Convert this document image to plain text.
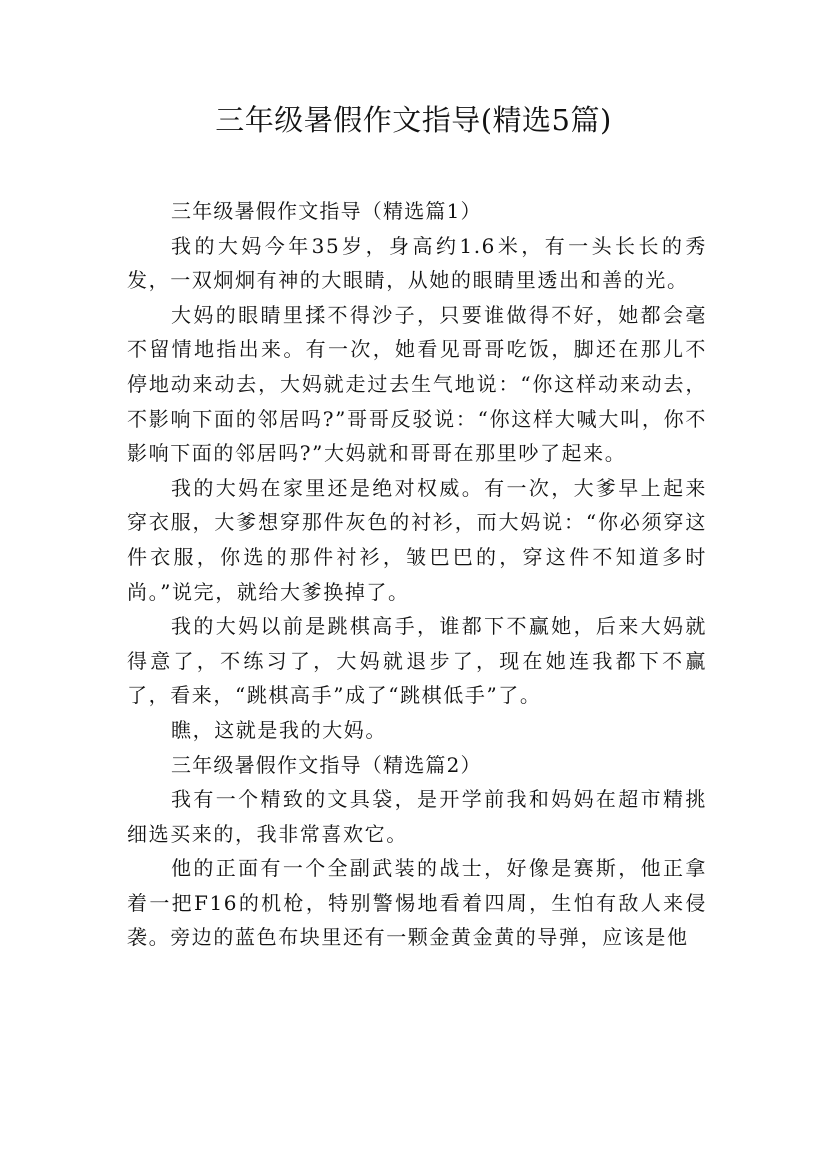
三年级暑假作文指导(精选5篇)

三年级暑假作文指导（精选篇1）

我的大妈今年35岁，身高约1.6米，有一头长长的秀发，一双炯炯有神的大眼睛，从她的眼睛里透出和善的光。

大妈的眼睛里揉不得沙子，只要谁做得不好，她都会毫不留情地指出来。有一次，她看见哥哥吃饭，脚还在那儿不停地动来动去，大妈就走过去生气地说：“你这样动来动去，不影响下面的邻居吗?”哥哥反驳说：“你这样大喊大叫，你不影响下面的邻居吗?”大妈就和哥哥在那里吵了起来。

我的大妈在家里还是绝对权威。有一次，大爹早上起来穿衣服，大爹想穿那件灰色的衬衫，而大妈说：“你必须穿这件衣服，你选的那件衬衫，皱巴巴的，穿这件不知道多时尚。”说完，就给大爹换掉了。

我的大妈以前是跳棋高手，谁都下不赢她，后来大妈就得意了，不练习了，大妈就退步了，现在她连我都下不赢了，看来，“跳棋高手”成了“跳棋低手”了。

瞧，这就是我的大妈。

三年级暑假作文指导（精选篇2）

我有一个精致的文具袋，是开学前我和妈妈在超市精挑细选买来的，我非常喜欢它。

他的正面有一个全副武装的战士，好像是赛斯，他正拿着一把F16的机枪，特别警惕地看着四周，生怕有敌人来侵袭。旁边的蓝色布块里还有一颗金黄金黄的导弹，应该是他
